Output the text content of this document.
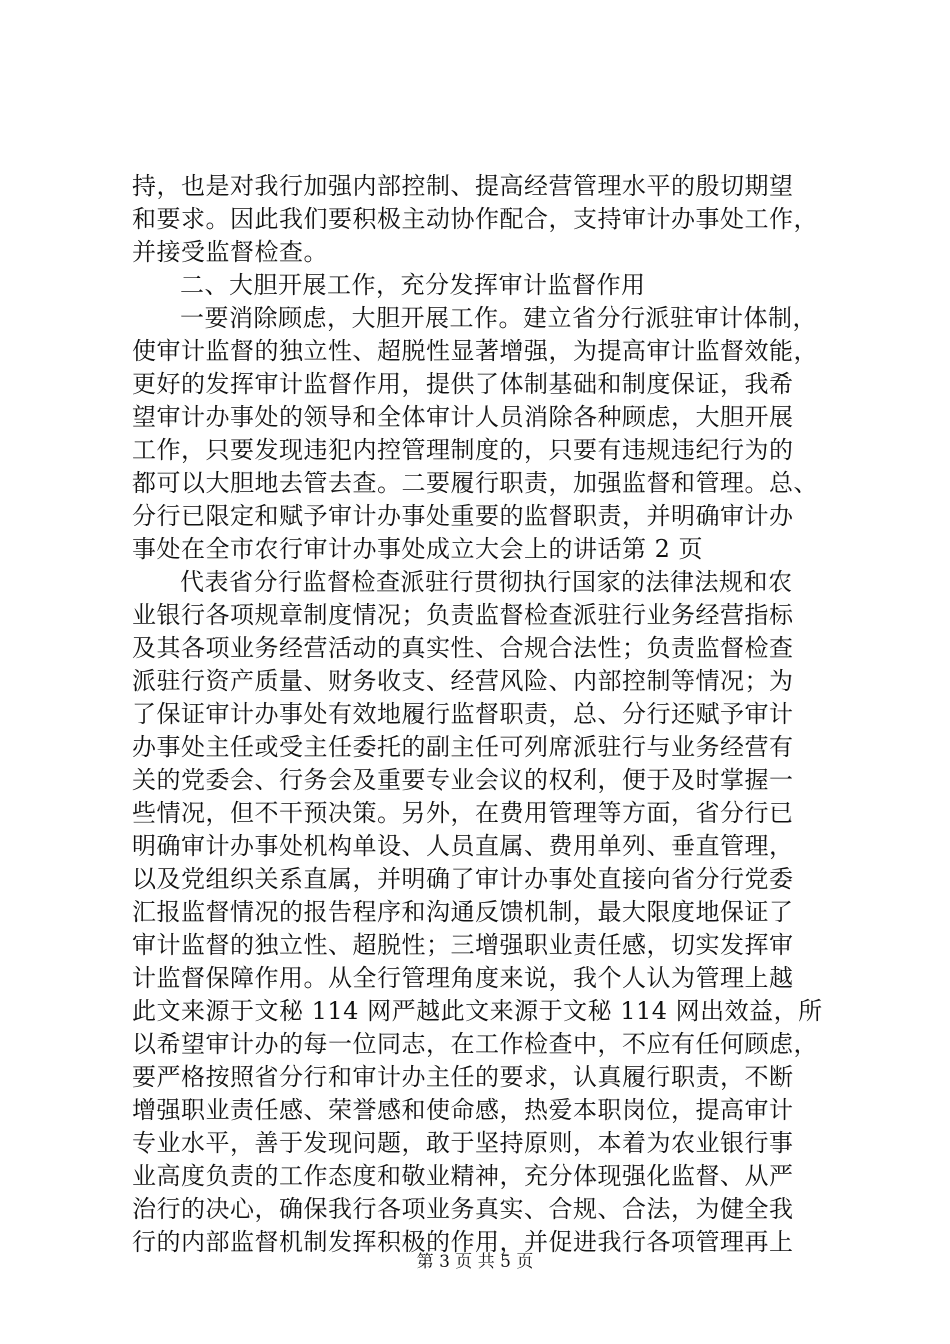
持，也是对我行加强内部控制、提高经营管理水平的殷切期望
和要求。因此我们要积极主动协作配合，支持审计办事处工作，
并接受监督检查。
二、大胆开展工作，充分发挥审计监督作用
一要消除顾虑，大胆开展工作。建立省分行派驻审计体制，
使审计监督的独立性、超脱性显著增强，为提高审计监督效能，
更好的发挥审计监督作用，提供了体制基础和制度保证，我希
望审计办事处的领导和全体审计人员消除各种顾虑，大胆开展
工作，只要发现违犯内控管理制度的，只要有违规违纪行为的
都可以大胆地去管去查。二要履行职责，加强监督和管理。总、
分行已限定和赋予审计办事处重要的监督职责，并明确审计办
事处在全市农行审计办事处成立大会上的讲话第 2 页
代表省分行监督检查派驻行贯彻执行国家的法律法规和农
业银行各项规章制度情况；负责监督检查派驻行业务经营指标
及其各项业务经营活动的真实性、合规合法性；负责监督检查
派驻行资产质量、财务收支、经营风险、内部控制等情况；为
了保证审计办事处有效地履行监督职责，总、分行还赋予审计
办事处主任或受主任委托的副主任可列席派驻行与业务经营有
关的党委会、行务会及重要专业会议的权利，便于及时掌握一
些情况，但不干预决策。另外，在费用管理等方面，省分行已
明确审计办事处机构单设、人员直属、费用单列、垂直管理，
以及党组织关系直属，并明确了审计办事处直接向省分行党委
汇报监督情况的报告程序和沟通反馈机制，最大限度地保证了
审计监督的独立性、超脱性；三增强职业责任感，切实发挥审
计监督保障作用。从全行管理角度来说，我个人认为管理上越
此文来源于文秘 114 网严越此文来源于文秘 114 网出效益，所
以希望审计办的每一位同志，在工作检查中，不应有任何顾虑，
要严格按照省分行和审计办主任的要求，认真履行职责，不断
增强职业责任感、荣誉感和使命感，热爱本职岗位，提高审计
专业水平，善于发现问题，敢于坚持原则，本着为农业银行事
业高度负责的工作态度和敬业精神，充分体现强化监督、从严
治行的决心，确保我行各项业务真实、合规、合法，为健全我
行的内部监督机制发挥积极的作用，并促进我行各项管理再上
第 3 页 共 5 页
